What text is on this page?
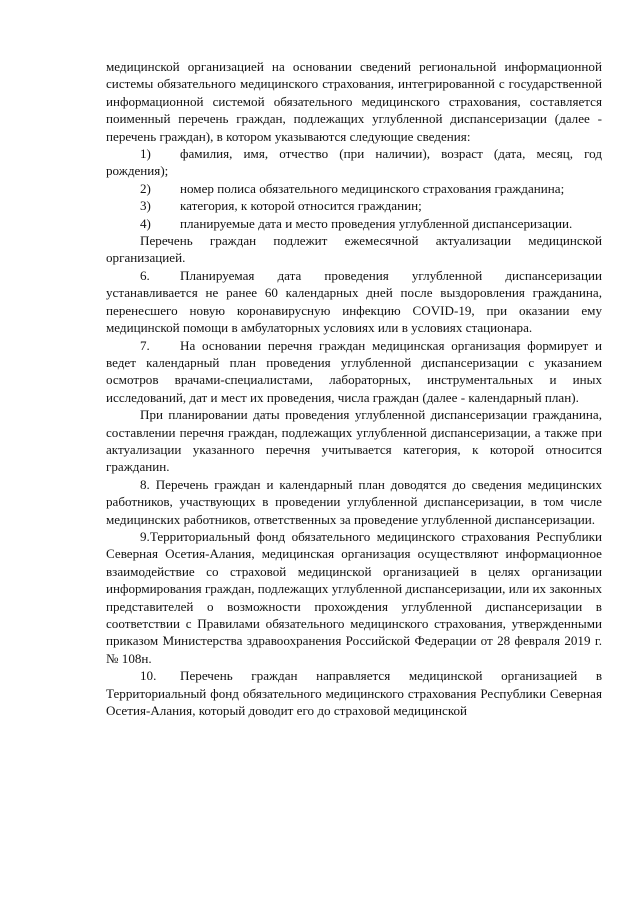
медицинской организацией на основании сведений региональной информационной системы обязательного медицинского страхования, интегрированной с государственной информационной системой обязательного медицинского страхования, составляется поименный перечень граждан, подлежащих углубленной диспансеризации (далее - перечень граждан), в котором указываются следующие сведения:

1) фамилия, имя, отчество (при наличии), возраст (дата, месяц, год рождения);

2) номер полиса обязательного медицинского страхования гражданина;

3) категория, к которой относится гражданин;

4) планируемые дата и место проведения углубленной диспансеризации.

Перечень граждан подлежит ежемесячной актуализации медицинской организацией.

6. Планируемая дата проведения углубленной диспансеризации устанавливается не ранее 60 календарных дней после выздоровления гражданина, перенесшего новую коронавирусную инфекцию COVID-19, при оказании ему медицинской помощи в амбулаторных условиях или в условиях стационара.

7. На основании перечня граждан медицинская организация формирует и ведет календарный план проведения углубленной диспансеризации с указанием осмотров врачами-специалистами, лабораторных, инструментальных и иных исследований, дат и мест их проведения, числа граждан (далее - календарный план).

При планировании даты проведения углубленной диспансеризации гражданина, составлении перечня граждан, подлежащих углубленной диспансеризации, а также при актуализации указанного перечня учитывается категория, к которой относится гражданин.

8. Перечень граждан и календарный план доводятся до сведения медицинских работников, участвующих в проведении углубленной диспансеризации, в том числе медицинских работников, ответственных за проведение углубленной диспансеризации.

9.Территориальный фонд обязательного медицинского страхования Республики Северная Осетия-Алания, медицинская организация осуществляют информационное взаимодействие со страховой медицинской организацией в целях организации информирования граждан, подлежащих углубленной диспансеризации, или их законных представителей о возможности прохождения углубленной диспансеризации в соответствии с Правилами обязательного медицинского страхования, утвержденными приказом Министерства здравоохранения Российской Федерации от 28 февраля 2019 г. № 108н.

10. Перечень граждан направляется медицинской организацией в Территориальный фонд обязательного медицинского страхования Республики Северная Осетия-Алания, который доводит его до страховой медицинской
